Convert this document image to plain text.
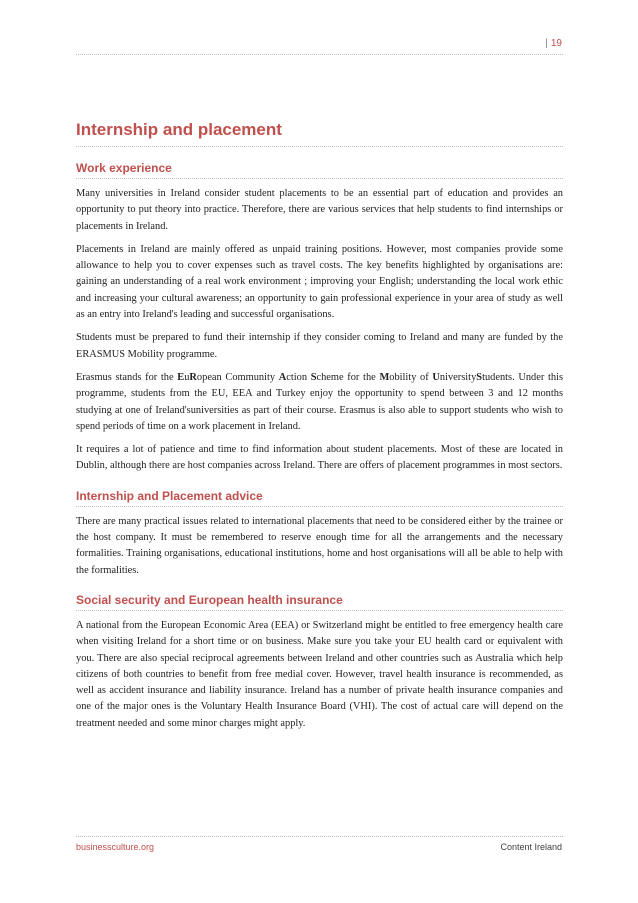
| 19
Internship and placement
Work experience

Many universities in Ireland consider student placements to be an essential part of education and provides an opportunity to put theory into practice. Therefore, there are various services that help students to find internships or placements in Ireland.

Placements in Ireland are mainly offered as unpaid training positions. However, most companies provide some allowance to help you to cover expenses such as travel costs. The key benefits highlighted by organisations are: gaining an understanding of a real work environment ; improving your English; understanding the local work ethic and increasing your cultural awareness; an opportunity to gain professional experience in your area of study as well as an entry into Ireland's leading and successful organisations.

Students must be prepared to fund their internship if they consider coming to Ireland and many are funded by the ERASMUS Mobility programme.

Erasmus stands for the EuRopean Community Action Scheme for the Mobility of UniversityStudents. Under this programme, students from the EU, EEA and Turkey enjoy the opportunity to spend between 3 and 12 months studying at one of Ireland'suniversities as part of their course. Erasmus is also able to support students who wish to spend periods of time on a work placement in Ireland.

It requires a lot of patience and time to find information about student placements. Most of these are located in Dublin, although there are host companies across Ireland. There are offers of placement programmes in most sectors.

Internship and Placement advice

There are many practical issues related to international placements that need to be considered either by the trainee or the host company. It must be remembered to reserve enough time for all the arrangements and the necessary formalities. Training organisations, educational institutions, home and host organisations will all be able to help with the formalities.

Social security and European health insurance

A national from the European Economic Area (EEA) or Switzerland might be entitled to free emergency health care when visiting Ireland for a short time or on business. Make sure you take your EU health card or equivalent with you. There are also special reciprocal agreements between Ireland and other countries such as Australia which help citizens of both countries to benefit from free medial cover. However, travel health insurance is recommended, as well as accident insurance and liability insurance. Ireland has a number of private health insurance companies and one of the major ones is the Voluntary Health Insurance Board (VHI). The cost of actual care will depend on the treatment needed and some minor charges might apply.

businessculture.org	Content Ireland
